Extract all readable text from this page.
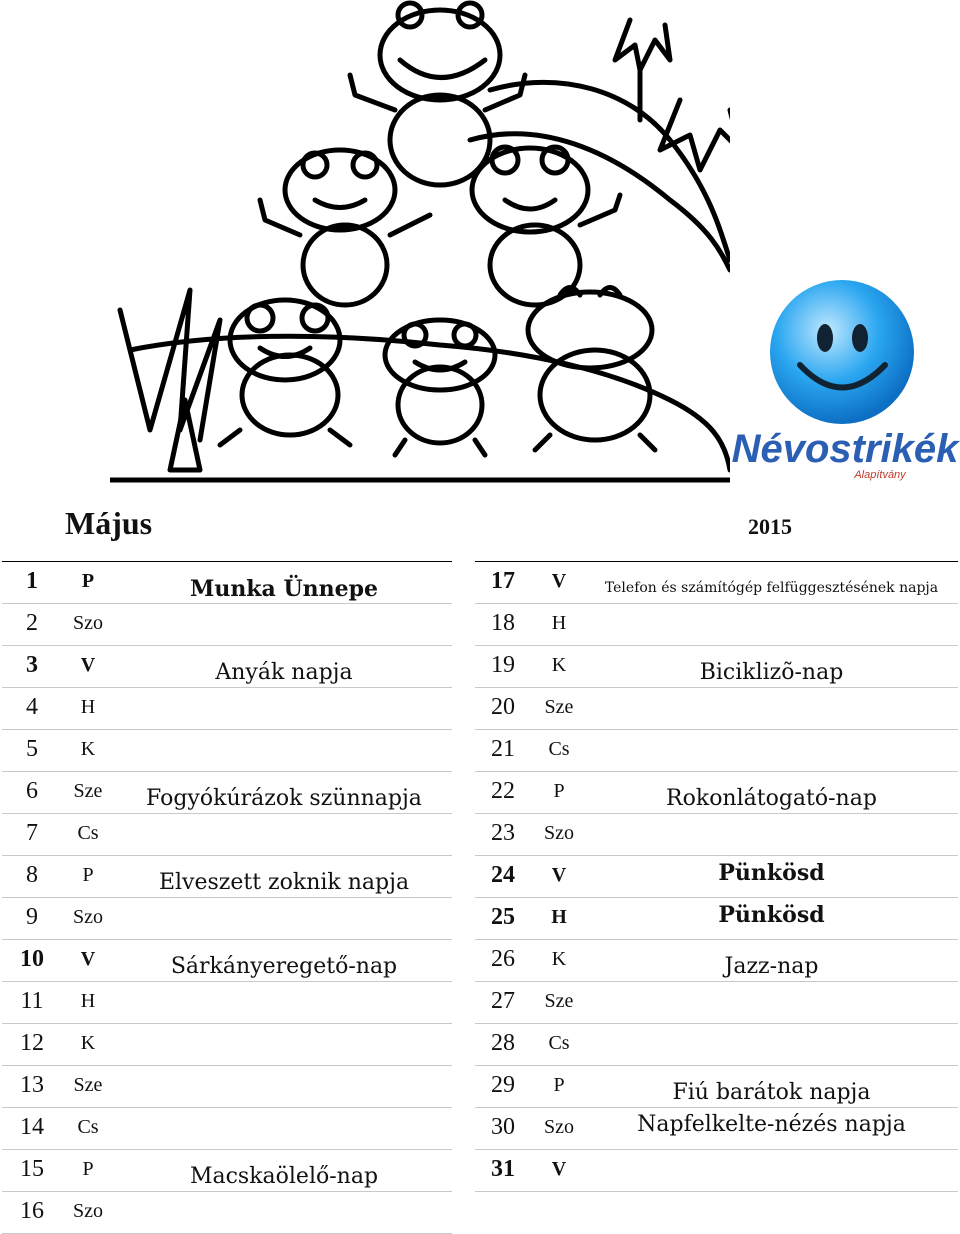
Névostrikék
Alapítvány
Május	2015
1	P	Munka Ünnepe
2	Szo
3	V	Anyák napja
4	H
5	K
6	Sze	Fogyókúrázok szünnapja
7	Cs
8	P	Elveszett zoknik napja
9	Szo
10	V	Sárkányeregető-nap
11	H
12	K
13	Sze
14	Cs
15	P	Macskaölelő-nap
16	Szo
17	V	Telefon és számítógép felfüggesztésének napja
18	H
19	K	Biciklizõ-nap
20	Sze
21	Cs
22	P	Rokonlátogató-nap
23	Szo
24	V	Pünkösd
25	H	Pünkösd
26	K	Jazz-nap
27	Sze
28	Cs
29	P	Fiú barátok napja
30	Szo	Napfelkelte-nézés napja
31	V
